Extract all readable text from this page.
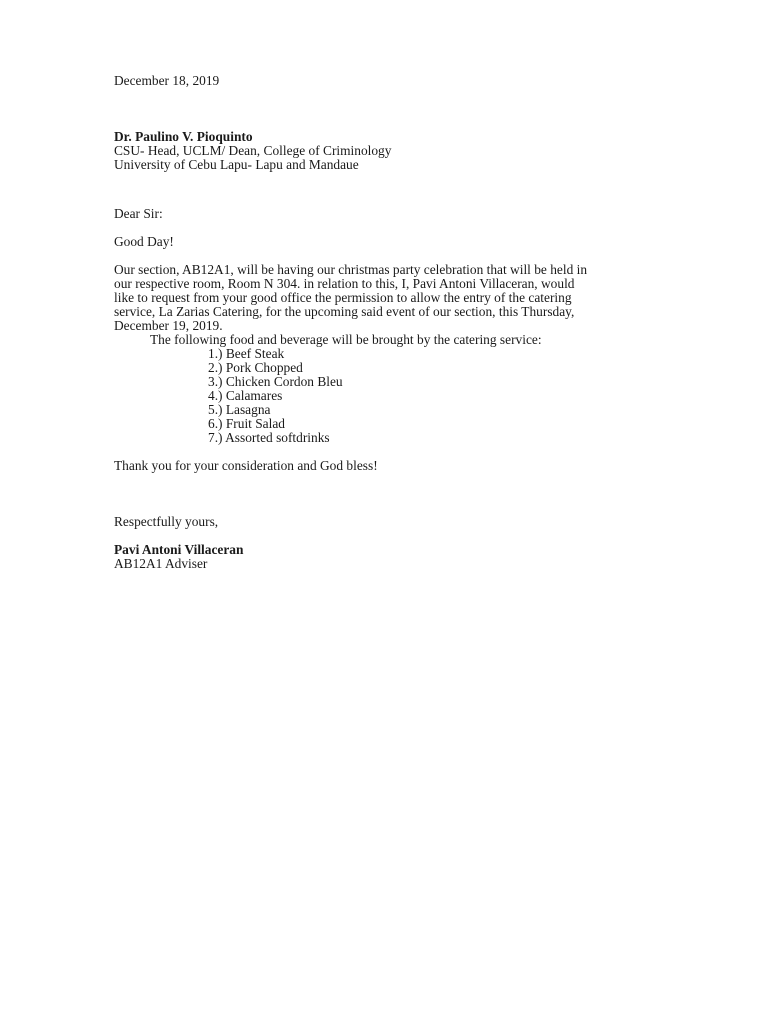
December 18, 2019
Dr. Paulino V. Pioquinto
CSU- Head, UCLM/ Dean, College of Criminology
University of Cebu Lapu- Lapu and Mandaue
Dear Sir:
Good Day!
Our section, AB12A1, will be having our christmas party celebration that will be held in
our respective room, Room N 304. in relation to this, I, Pavi Antoni Villaceran, would
like to request from your good office the permission to allow the entry of the catering
service, La Zarias Catering, for the upcoming said event of our section, this Thursday,
December 19, 2019.
The following food and beverage will be brought by the catering service:
1.) Beef Steak
2.) Pork Chopped
3.) Chicken Cordon Bleu
4.) Calamares
5.) Lasagna
6.) Fruit Salad
7.) Assorted softdrinks
Thank you for your consideration and God bless!
Respectfully yours,
Pavi Antoni Villaceran
AB12A1 Adviser
